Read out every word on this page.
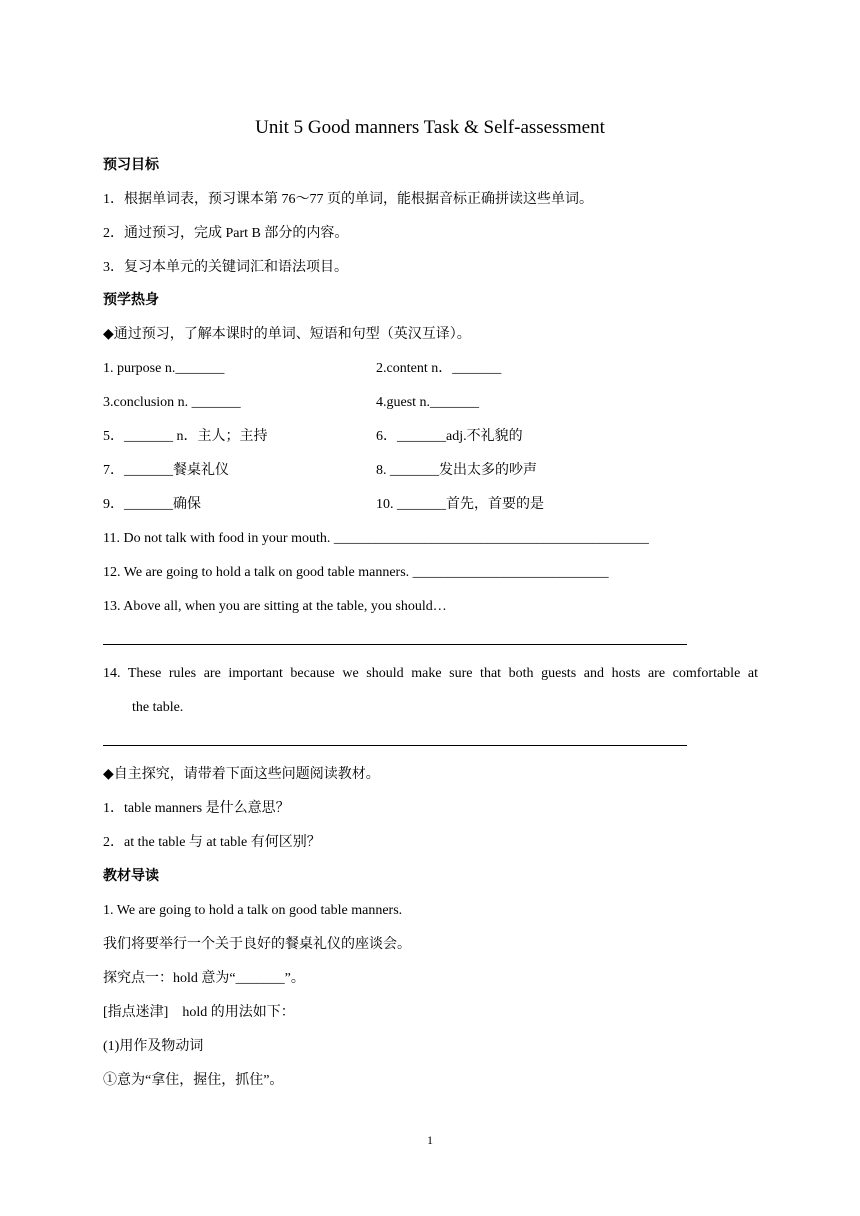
Unit 5 Good manners Task & Self-assessment
预习目标
1．根据单词表，预习课本第 76～77 页的单词，能根据音标正确拼读这些单词。
2．通过预习，完成 Part B 部分的内容。
3．复习本单元的关键词汇和语法项目。
预学热身
◆通过预习，了解本课时的单词、短语和句型（英汉互译）。
1. purpose n._______	2.content n．_______
3.conclusion n. _______	4.guest n._______
5．_______ n．主人；主持	6．_______adj.不礼貌的
7．_______餐桌礼仪	8. _______发出太多的吵声
9．_______确保	10. _______首先，首要的是
11. Do not talk with food in your mouth. _____________________________________________
12. We are going to hold a talk on good table manners. ____________________________
13. Above all, when you are sitting at the table, you should…
14. These rules are important because we should make sure that both guests and hosts are comfortable at
the table.
◆自主探究，请带着下面这些问题阅读教材。
1．table manners 是什么意思？
2．at the table 与 at table 有何区别？
教材导读
1. We are going to hold a talk on good table manners.
我们将要举行一个关于良好的餐桌礼仪的座谈会。
探究点一：hold 意为“_______”。
[指点迷津]　hold 的用法如下：
(1)用作及物动词
①意为“拿住，握住，抓住”。
1
